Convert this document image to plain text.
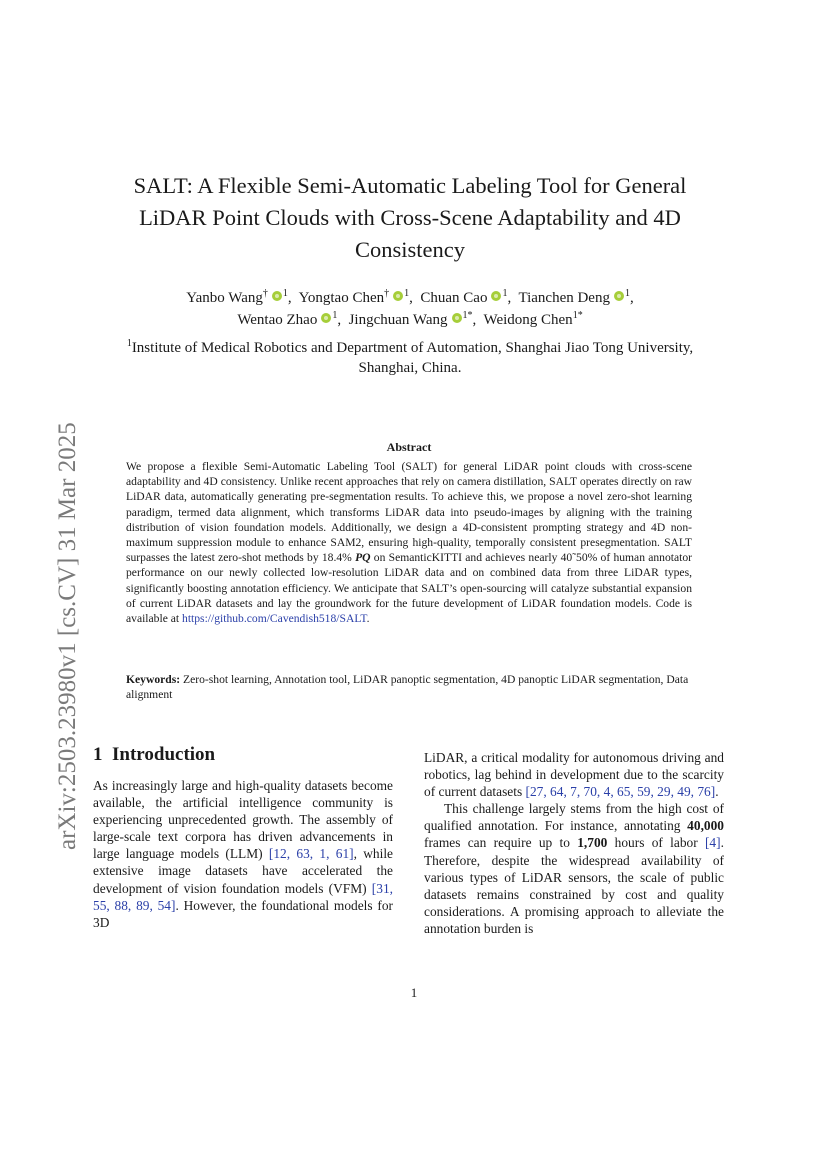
arXiv:2503.23980v1 [cs.CV] 31 Mar 2025
SALT: A Flexible Semi-Automatic Labeling Tool for General LiDAR Point Clouds with Cross-Scene Adaptability and 4D Consistency
Yanbo Wang† $^1$,  Yongtao Chen† $^1$,  Chuan Cao $^1$,  Tianchen Deng $^1$,
Wentao Zhao $^1$,  Jingchuan Wang $^{1*}$,  Weidong Chen$^{1*}$
$^1$Institute of Medical Robotics and Department of Automation, Shanghai Jiao Tong University, Shanghai, China.
Abstract
We propose a flexible Semi-Automatic Labeling Tool (SALT) for general LiDAR point clouds with cross-scene adaptability and 4D consistency. Unlike recent approaches that rely on camera distillation, SALT operates directly on raw LiDAR data, automatically generating pre-segmentation results. To achieve this, we propose a novel zero-shot learning paradigm, termed data alignment, which transforms LiDAR data into pseudo-images by aligning with the training distribution of vision foundation models. Additionally, we design a 4D-consistent prompting strategy and 4D non-maximum suppression module to enhance SAM2, ensuring high-quality, temporally consistent presegmentation. SALT surpasses the latest zero-shot methods by 18.4% PQ on SemanticKITTI and achieves nearly 40˜50% of human annotator performance on our newly collected low-resolution LiDAR data and on combined data from three LiDAR types, significantly boosting annotation efficiency. We anticipate that SALT’s open-sourcing will catalyze substantial expansion of current LiDAR datasets and lay the groundwork for the future development of LiDAR foundation models. Code is available at https://github.com/Cavendish518/SALT.
Keywords: Zero-shot learning, Annotation tool, LiDAR panoptic segmentation, 4D panoptic LiDAR segmentation, Data alignment
1 Introduction
As increasingly large and high-quality datasets become available, the artificial intelligence community is experiencing unprecedented growth. The assembly of large-scale text corpora has driven advancements in large language models (LLM) [12, 63, 1, 61], while extensive image datasets have accelerated the development of vision foundation models (VFM) [31, 55, 88, 89, 54]. However, the foundational models for 3D
LiDAR, a critical modality for autonomous driving and robotics, lag behind in development due to the scarcity of current datasets [27, 64, 7, 70, 4, 65, 59, 29, 49, 76].
This challenge largely stems from the high cost of qualified annotation. For instance, annotating 40,000 frames can require up to 1,700 hours of labor [4]. Therefore, despite the widespread availability of various types of LiDAR sensors, the scale of public datasets remains constrained by cost and quality considerations. A promising approach to alleviate the annotation burden is
1
